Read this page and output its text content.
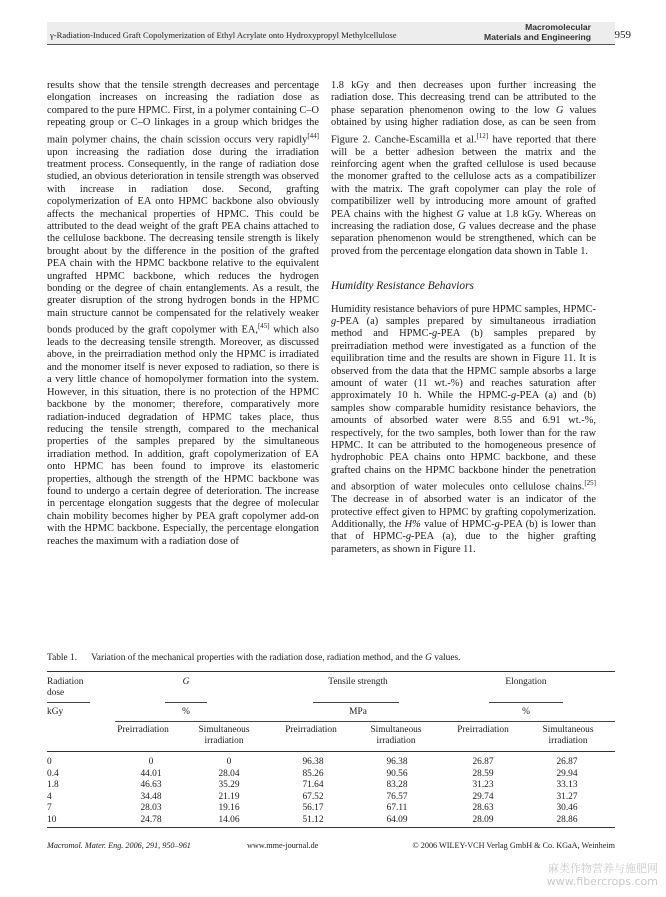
γ-Radiation-Induced Graft Copolymerization of Ethyl Acrylate onto Hydroxypropyl Methylcellulose
Macromolecular
Materials and Engineering 959

results show that the tensile strength decreases and percentage elongation increases on increasing the radiation dose as compared to the pure HPMC. First, in a polymer containing C–O repeating group or C–O linkages in a group which bridges the main polymer chains, the chain scission occurs very rapidly[44] upon increasing the radiation dose during the irradiation treatment process. Consequently, in the range of radiation dose studied, an obvious deterioration in tensile strength was observed with increase in radiation dose. Second, grafting copolymerization of EA onto HPMC backbone also obviously affects the mechanical properties of HPMC. This could be attributed to the dead weight of the graft PEA chains attached to the cellulose backbone. The decreasing tensile strength is likely brought about by the difference in the position of the grafted PEA chain with the HPMC backbone relative to the equivalent ungrafted HPMC backbone, which reduces the hydrogen bonding or the degree of chain entanglements. As a result, the greater disruption of the strong hydrogen bonds in the HPMC main structure cannot be compensated for the relatively weaker bonds produced by the graft copolymer with EA,[45] which also leads to the decreasing tensile strength. Moreover, as discussed above, in the preirradiation method only the HPMC is irradiated and the monomer itself is never exposed to radiation, so there is a very little chance of homopolymer formation into the system. However, in this situation, there is no protection of the HPMC backbone by the monomer; therefore, comparatively more radiation-induced degradation of HPMC takes place, thus reducing the tensile strength, compared to the mechanical properties of the samples prepared by the simultaneous irradiation method. In addition, graft copolymerization of EA onto HPMC has been found to improve its elastomeric properties, although the strength of the HPMC backbone was found to undergo a certain degree of deterioration. The increase in percentage elongation suggests that the degree of molecular chain mobility becomes higher by PEA graft copolymer add-on with the HPMC backbone. Especially, the percentage elongation reaches the maximum with a radiation dose of

1.8 kGy and then decreases upon further increasing the radiation dose. This decreasing trend can be attributed to the phase separation phenomenon owing to the low G values obtained by using higher radiation dose, as can be seen from Figure 2. Canche-Escamilla et al.[12] have reported that there will be a better adhesion between the matrix and the reinforcing agent when the grafted cellulose is used because the monomer grafted to the cellulose acts as a compatibilizer with the matrix. The graft copolymer can play the role of compatibilizer well by introducing more amount of grafted PEA chains with the highest G value at 1.8 kGy. Whereas on increasing the radiation dose, G values decrease and the phase separation phenomenon would be strengthened, which can be proved from the percentage elongation data shown in Table 1.

Humidity Resistance Behaviors

Humidity resistance behaviors of pure HPMC samples, HPMC-g-PEA (a) samples prepared by simultaneous irradiation method and HPMC-g-PEA (b) samples prepared by preirradiation method were investigated as a function of the equilibration time and the results are shown in Figure 11. It is observed from the data that the HPMC sample absorbs a large amount of water (11 wt.-%) and reaches saturation after approximately 10 h. While the HPMC-g-PEA (a) and (b) samples show comparable humidity resistance behaviors, the amounts of absorbed water were 8.55 and 6.91 wt.-%, respectively, for the two samples, both lower than for the raw HPMC. It can be attributed to the homogeneous presence of hydrophobic PEA chains onto HPMC backbone, and these grafted chains on the HPMC backbone hinder the penetration and absorption of water molecules onto cellulose chains.[25] The decrease in of absorbed water is an indicator of the protective effect given to HPMC by grafting copolymerization. Additionally, the H% value of HPMC-g-PEA (b) is lower than that of HPMC-g-PEA (a), due to the higher grafting parameters, as shown in Figure 11.

Table 1. Variation of the mechanical properties with the radiation dose, radiation method, and the G values.
Radiation
dose
G	Tensile strength	Elongation
kGy	%	MPa	%
Preirradiation	Simultaneous
irradiation
Preirradiation	Simultaneous
irradiation
Preirradiation	Simultaneous
irradiation
0	0	0	96.38	96.38	26.87	26.87
0.4	44.01	28.04	85.26	90.56	28.59	29.94
1.8	46.63	35.29	71.64	83.28	31.23	33.13
4	34.48	21.19	67.52	76.57	29.74	31.27
7	28.03	19.16	56.17	67.11	28.63	30.46
10	24.78	14.06	51.12	64.09	28.09	28.86
Macromol. Mater. Eng. 2006, 291, 950–961	www.mme-journal.de	© 2006 WILEY-VCH Verlag GmbH & Co. KGaA, Weinheim
麻类作物营养与施肥网
www.fibercrops.com
